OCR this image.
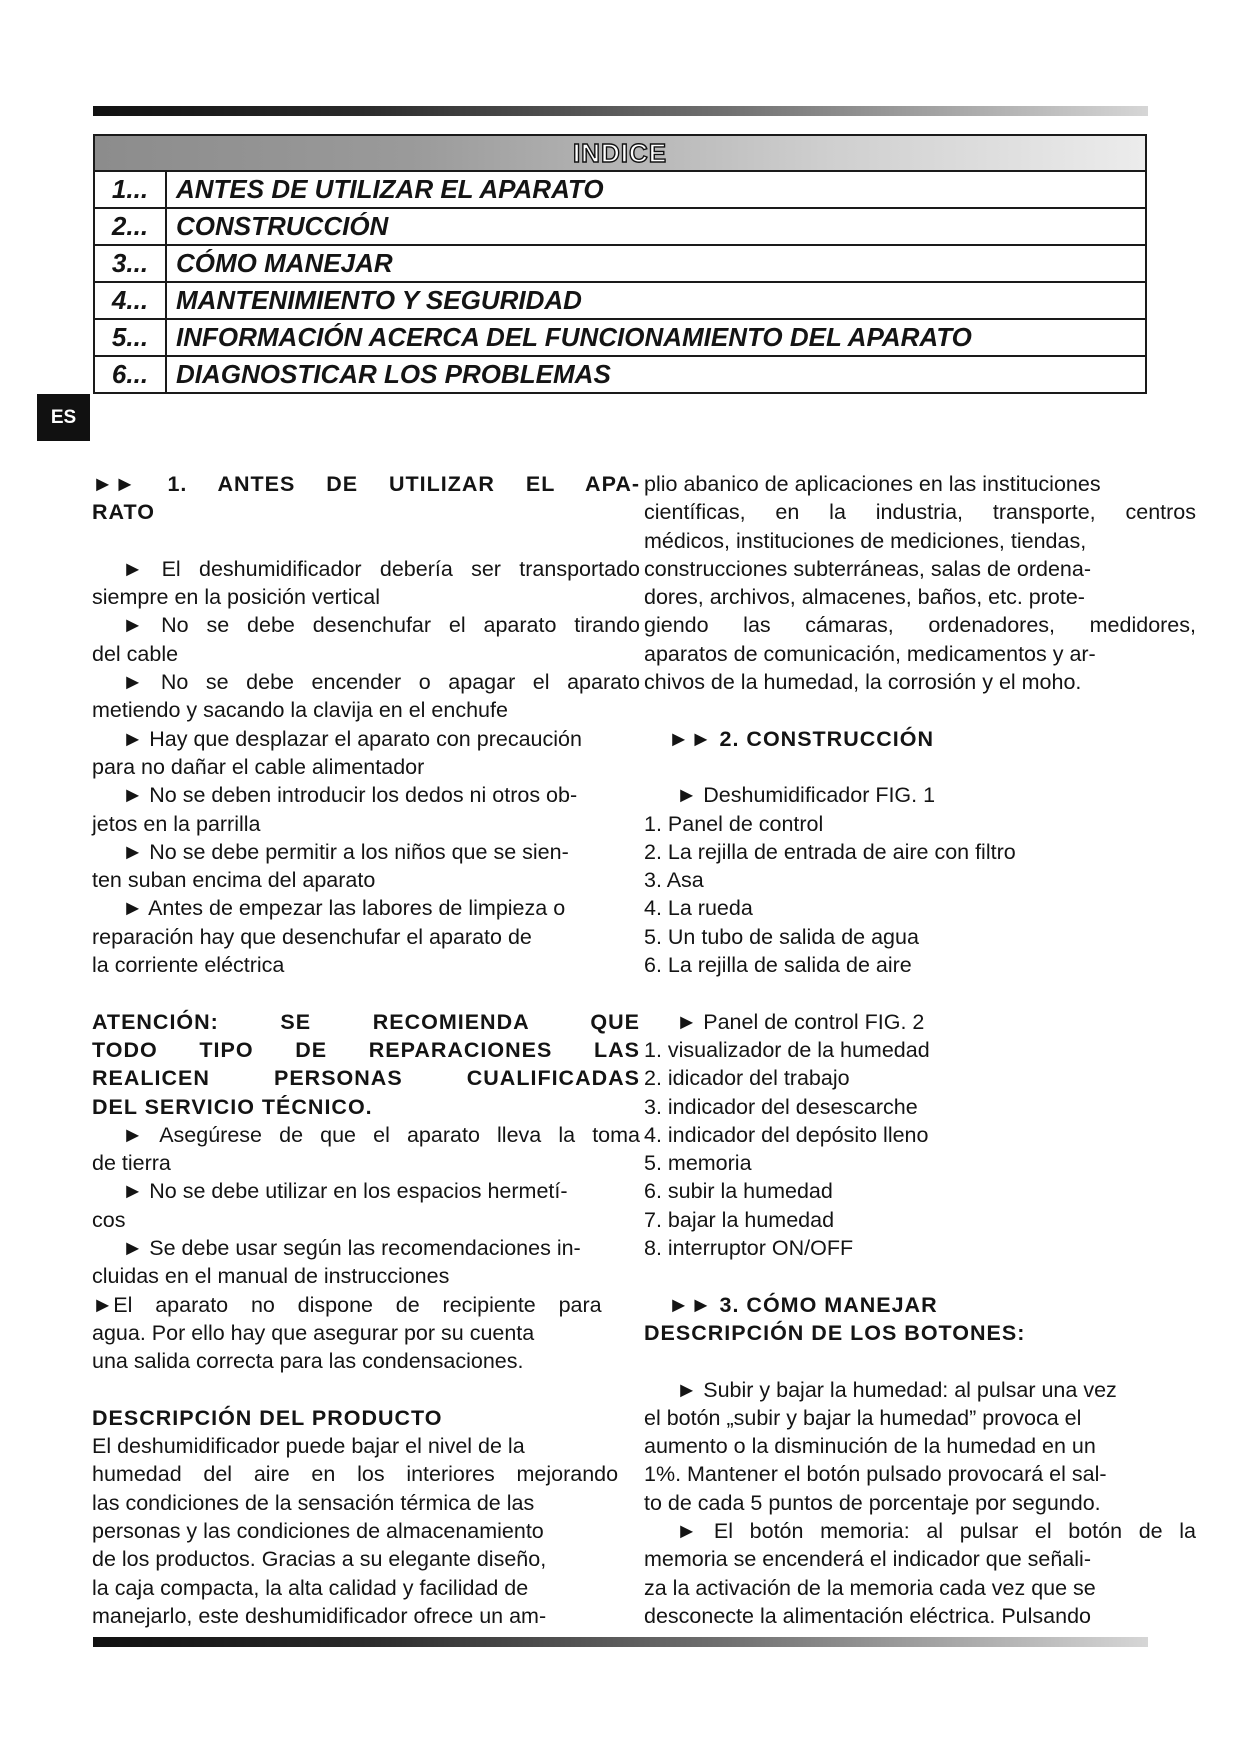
INDICE
1...	ANTES DE UTILIZAR EL APARATO
2...	CONSTRUCCIÓN
3...	CÓMO MANEJAR
4...	MANTENIMIENTO Y SEGURIDAD
5...	INFORMACIÓN ACERCA DEL FUNCIONAMIENTO DEL APARATO
6...	DIAGNOSTICAR LOS PROBLEMAS
ES

►► 1. ANTES DE UTILIZAR EL APA-

RATO

► El deshumidificador debería ser transportado

siempre en la posición vertical

► No se debe desenchufar el aparato tirando

del cable

► No se debe encender o apagar el aparato

metiendo y sacando la clavija en el enchufe

► Hay que desplazar el aparato con precaución

para no dañar el cable alimentador

► No se deben introducir los dedos ni otros ob-

jetos en la parrilla

► No se debe permitir a los niños que se sien-

ten suban encima del aparato

► Antes de empezar las labores de limpieza o

reparación hay que desenchufar el aparato de

la corriente eléctrica

ATENCIÓN: SE RECOMIENDA QUE

TODO TIPO DE REPARACIONES LAS

REALICEN PERSONAS CUALIFICADAS

DEL SERVICIO TÉCNICO.

► Asegúrese de que el aparato lleva la toma

de tierra

► No se debe utilizar en los espacios hermetí-

cos

► Se debe usar según las recomendaciones in-

cluidas en el manual de instrucciones

►El aparato no dispone de recipiente para

agua. Por ello hay que asegurar por su cuenta

una salida correcta para las condensaciones.

DESCRIPCIÓN DEL PRODUCTO

El deshumidificador puede bajar el nivel de la

humedad del aire en los interiores mejorando

las condiciones de la sensación térmica de las

personas y las condiciones de almacenamiento

de los productos. Gracias a su elegante diseño,

la caja compacta, la alta calidad y facilidad de

manejarlo, este deshumidificador ofrece un am-

plio abanico de aplicaciones en las instituciones

científicas, en la industria, transporte, centros

médicos, instituciones de mediciones, tiendas,

construcciones subterráneas, salas de ordena-

dores, archivos, almacenes, baños, etc. prote-

giendo las cámaras, ordenadores, medidores,

aparatos de comunicación, medicamentos y ar-

chivos de la humedad, la corrosión y el moho.

►► 2. CONSTRUCCIÓN

► Deshumidificador FIG. 1

1. Panel de control

2. La rejilla de entrada de aire con filtro

3. Asa

4. La rueda

5. Un tubo de salida de agua

6. La rejilla de salida de aire

► Panel de control FIG. 2

1. visualizador de la humedad

2. idicador del trabajo

3. indicador del desescarche

4. indicador del depósito lleno

5. memoria

6. subir la humedad

7. bajar la humedad

8. interruptor ON/OFF

►► 3. CÓMO MANEJAR

DESCRIPCIÓN DE LOS BOTONES:

► Subir y bajar la humedad: al pulsar una vez

el botón „subir y bajar la humedad” provoca el

aumento o la disminución de la humedad en un

1%. Mantener el botón pulsado provocará el sal-

to de cada 5 puntos de porcentaje por segundo.

► El botón memoria: al pulsar el botón de la

memoria se encenderá el indicador que señali-

za la activación de la memoria cada vez que se

desconecte la alimentación eléctrica. Pulsando
